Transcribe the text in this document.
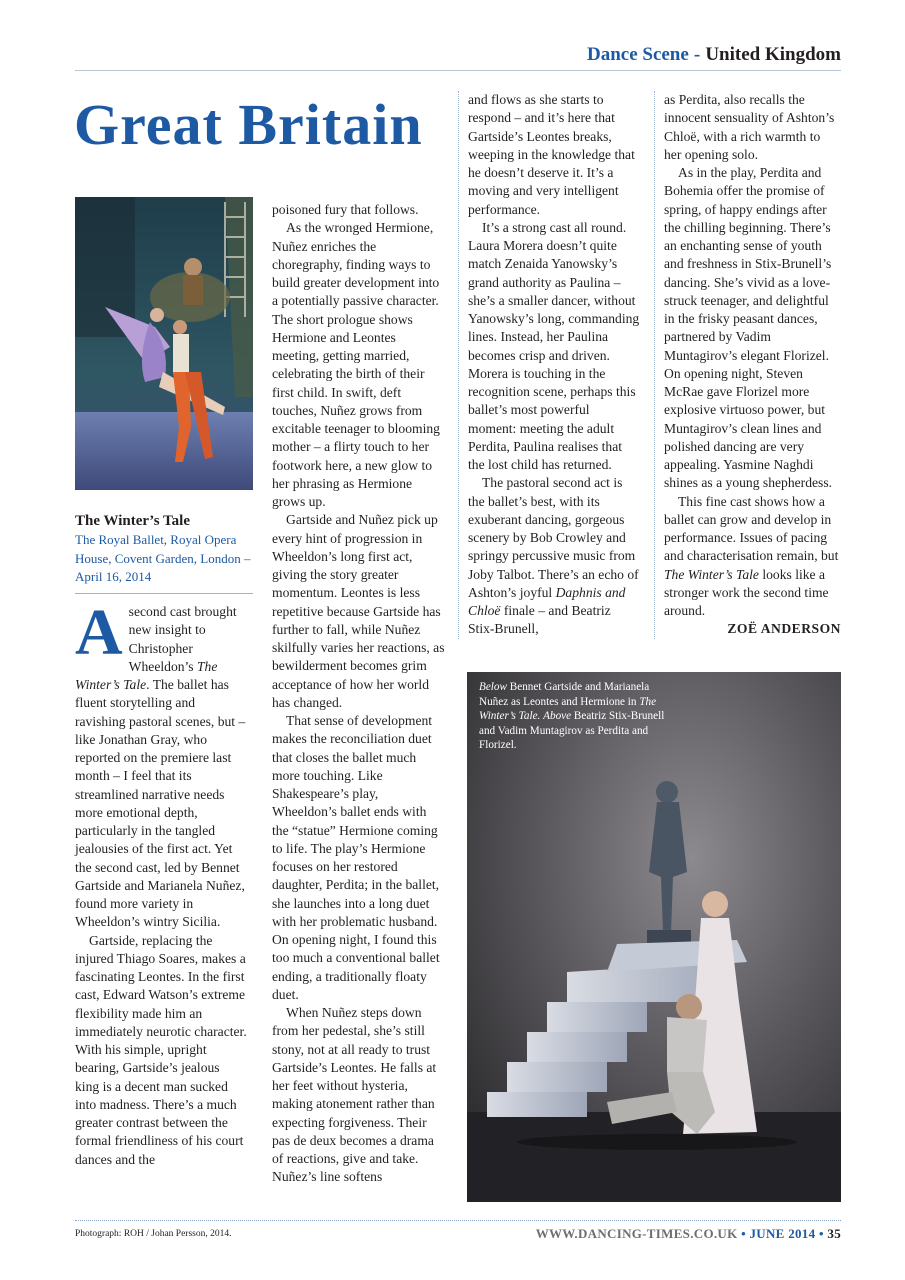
Dance Scene - United Kingdom
Great Britain
The Winter’s Tale
The Royal Ballet, Royal Opera House, Covent Garden, London – April 16, 2014

Asecond cast brought new insight to Christopher Wheeldon’s The Winter’s Tale. The ballet has fluent storytelling and ravishing pastoral scenes, but – like Jonathan Gray, who reported on the premiere last month – I feel that its streamlined narrative needs more emotional depth, particularly in the tangled jealousies of the first act. Yet the second cast, led by Bennet Gartside and Marianela Nuñez, found more variety in Wheeldon’s wintry Sicilia.

Gartside, replacing the injured Thiago Soares, makes a fascinating Leontes. In the first cast, Edward Watson’s extreme flexibility made him an immediately neurotic character. With his simple, upright bearing, Gartside’s jealous king is a decent man sucked into madness. There’s a much greater contrast between the formal friendliness of his court dances and the

poisoned fury that follows.

As the wronged Hermione, Nuñez enriches the choregraphy, finding ways to build greater development into a potentially passive character. The short prologue shows Hermione and Leontes meeting, getting married, celebrating the birth of their first child. In swift, deft touches, Nuñez grows from excitable teenager to blooming mother – a flirty touch to her footwork here, a new glow to her phrasing as Hermione grows up.

Gartside and Nuñez pick up every hint of progression in Wheeldon’s long first act, giving the story greater momentum. Leontes is less repetitive because Gartside has further to fall, while Nuñez skilfully varies her reactions, as bewilderment becomes grim acceptance of how her world has changed.

That sense of development makes the reconciliation duet that closes the ballet much more touching. Like Shakespeare’s play, Wheeldon’s ballet ends with the “statue” Hermione coming to life. The play’s Hermione focuses on her restored daughter, Perdita; in the ballet, she launches into a long duet with her problematic husband. On opening night, I found this too much a conventional ballet ending, a traditionally floaty duet.

When Nuñez steps down from her pedestal, she’s still stony, not at all ready to trust Gartside’s Leontes. He falls at her feet without hysteria, making atonement rather than expecting forgiveness. Their pas de deux becomes a drama of reactions, give and take. Nuñez’s line softens

and flows as she starts to respond – and it’s here that Gartside’s Leontes breaks, weeping in the knowledge that he doesn’t deserve it. It’s a moving and very intelligent performance.

It’s a strong cast all round. Laura Morera doesn’t quite match Zenaida Yanowsky’s grand authority as Paulina – she’s a smaller dancer, without Yanowsky’s long, commanding lines. Instead, her Paulina becomes crisp and driven. Morera is touching in the recognition scene, perhaps this ballet’s most powerful moment: meeting the adult Perdita, Paulina realises that the lost child has returned.

The pastoral second act is the ballet’s best, with its exuberant dancing, gorgeous scenery by Bob Crowley and springy percussive music from Joby Talbot. There’s an echo of Ashton’s joyful Daphnis and Chloë finale – and Beatriz Stix-Brunell,

as Perdita, also recalls the innocent sensuality of Ashton’s Chloë, with a rich warmth to her opening solo.

As in the play, Perdita and Bohemia offer the promise of spring, of happy endings after the chilling beginning. There’s an enchanting sense of youth and freshness in Stix-Brunell’s dancing. She’s vivid as a love-struck teenager, and delightful in the frisky peasant dances, partnered by Vadim Muntagirov’s elegant Florizel. On opening night, Steven McRae gave Florizel more explosive virtuoso power, but Muntagirov’s clean lines and polished dancing are very appealing. Yasmine Naghdi shines as a young shepherdess.

This fine cast shows how a ballet can grow and develop in performance. Issues of pacing and characterisation remain, but The Winter’s Tale looks like a stronger work the second time around.

ZOË ANDERSON

Below Bennet Gartside and Marianela Nuñez as Leontes and Hermione in The Winter’s Tale. Above Beatriz Stix-Brunell and Vadim Muntagirov as Perdita and Florizel.
Photograph: ROH / Johan Persson, 2014.	WWW.DANCING-TIMES.CO.UK • JUNE 2014 • 35
